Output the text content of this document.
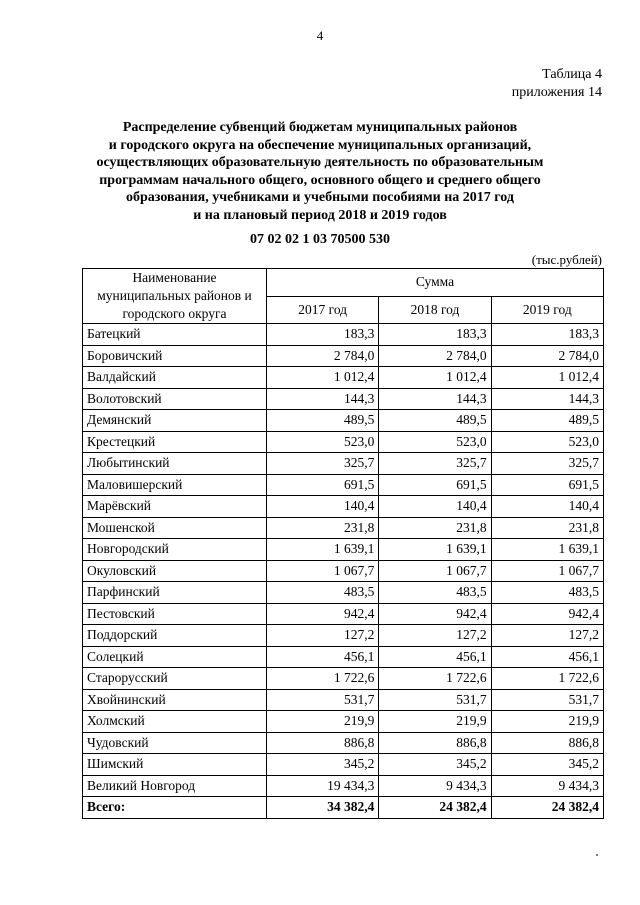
4
Таблица 4
приложения 14
Распределение субвенций бюджетам муниципальных районов
и городского округа на обеспечение муниципальных организаций,
осуществляющих образовательную деятельность по образовательным
программам начального общего, основного общего и среднего общего
образования, учебниками и учебными пособиями на 2017 год
и на плановый период 2018 и 2019 годов
07 02 02 1 03 70500 530
(тыс.рублей)
Наименование муниципальных районов и городского округа	Сумма		
	2017 год	2018 год	2019 год
Батецкий	183,3	183,3	183,3
Боровичский	2 784,0	2 784,0	2 784,0
Валдайский	1 012,4	1 012,4	1 012,4
Волотовский	144,3	144,3	144,3
Демянский	489,5	489,5	489,5
Крестецкий	523,0	523,0	523,0
Любытинский	325,7	325,7	325,7
Маловишерский	691,5	691,5	691,5
Марёвский	140,4	140,4	140,4
Мошенской	231,8	231,8	231,8
Новгородский	1 639,1	1 639,1	1 639,1
Окуловский	1 067,7	1 067,7	1 067,7
Парфинский	483,5	483,5	483,5
Пестовский	942,4	942,4	942,4
Поддорский	127,2	127,2	127,2
Солецкий	456,1	456,1	456,1
Старорусский	1 722,6	1 722,6	1 722,6
Хвойнинский	531,7	531,7	531,7
Холмский	219,9	219,9	219,9
Чудовский	886,8	886,8	886,8
Шимский	345,2	345,2	345,2
Великий Новгород	19 434,3	9 434,3	9 434,3
Всего:	34 382,4	24 382,4	24 382,4
